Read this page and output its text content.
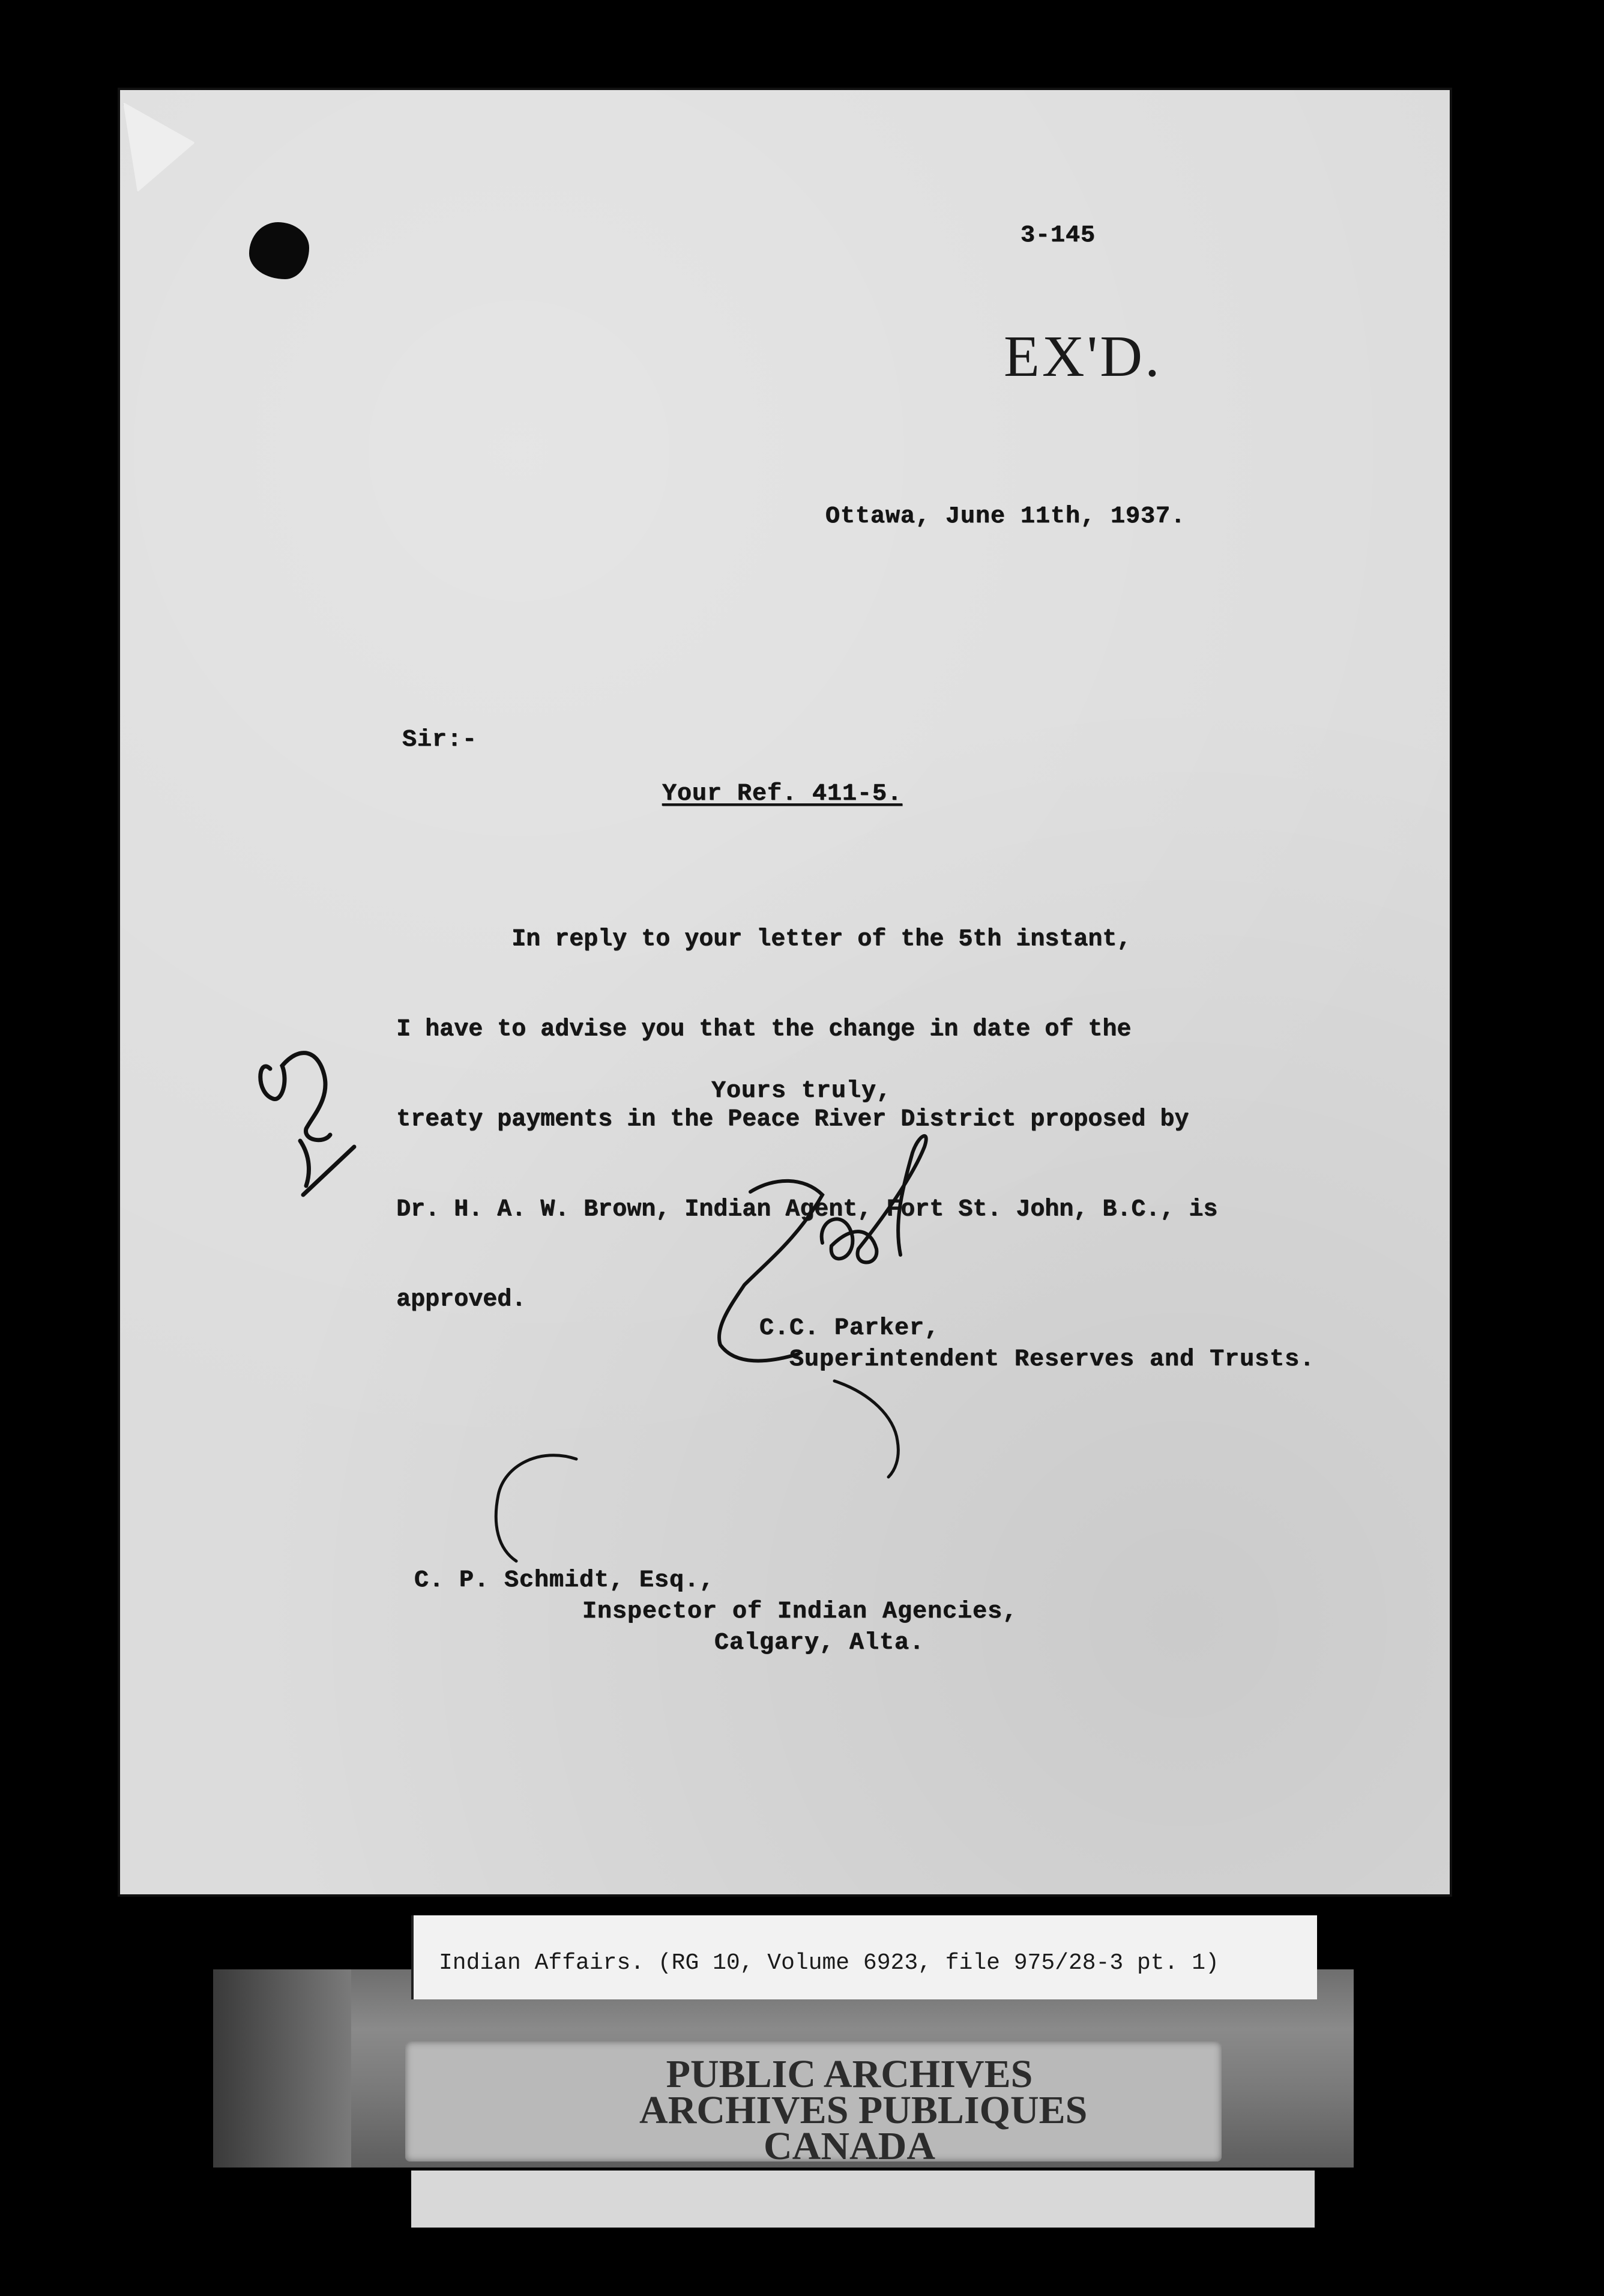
3-145
EX'D.
Ottawa, June 11th, 1937.
Sir:-
Your Ref. 411-5.

In reply to your letter of the 5th instant,

I have to advise you that the change in date of the

treaty payments in the Peace River District proposed by

Dr. H. A. W. Brown, Indian Agent, Fort St. John, B.C., is

approved.

Yours truly,
C.C. Parker,
Superintendent Reserves and Trusts.
C. P. Schmidt, Esq.,
Inspector of Indian Agencies,
Calgary, Alta.
Indian Affairs. (RG 10, Volume 6923, file 975/28-3 pt. 1)
PUBLIC ARCHIVES
ARCHIVES PUBLIQUES
CANADA
